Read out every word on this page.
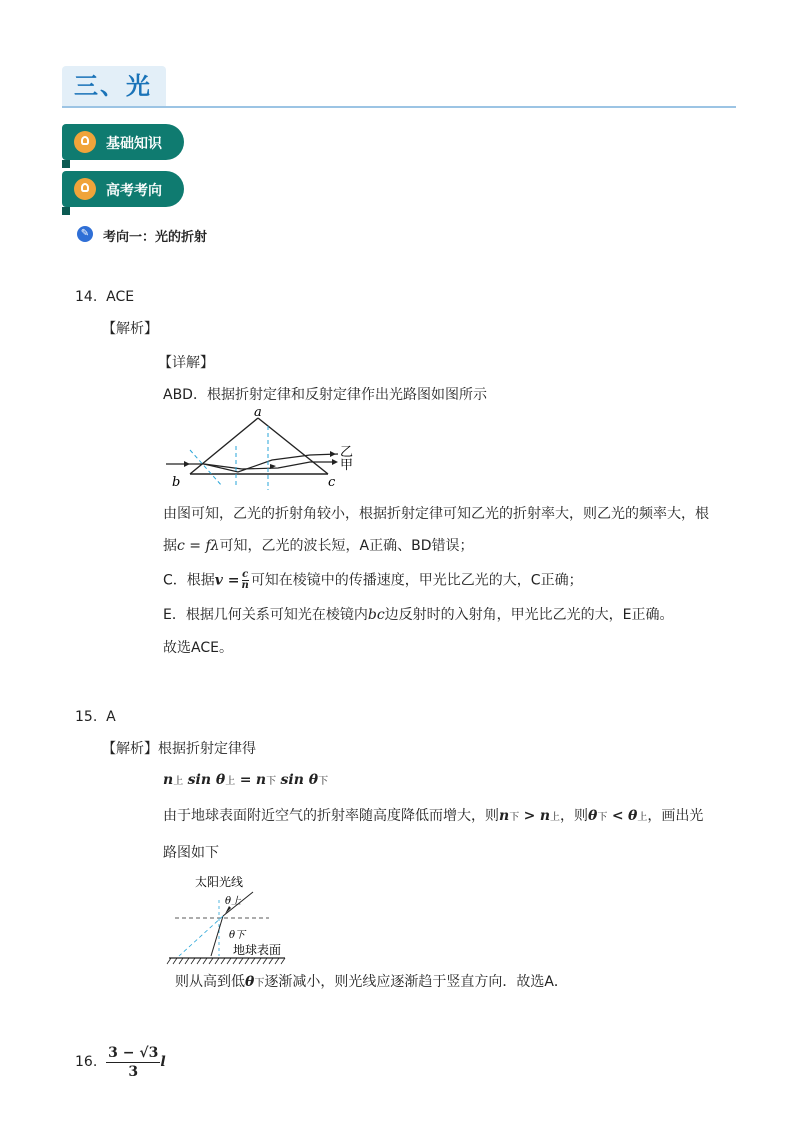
三、光
基础知识
高考考向
✎ 考向一：光的折射
14. ACE
【解析】
【详解】
ABD．根据折射定律和反射定律作出光路图如图所示
a
b	c
乙
甲
由图可知，乙光的折射角较小，根据折射定律可知乙光的折射率大，则乙光的频率大，根
据c = fλ可知，乙光的波长短，A正确、BD错误；
C．根据$v = \frac{c}{n}$ 可知在棱镜中的传播速度，甲光比乙光的大，C正确；
E．根据几何关系可知光在棱镜内bc边反射时的入射角，甲光比乙光的大，E正确。
故选ACE。
15. A
【解析】根据折射定律得
n上 sin θ上 = n下 sin θ下
由于地球表面附近空气的折射率随高度降低而增大，则n下 > n上，则θ下 < θ上，画出光
路图如下
太阳光线
θ上
θ下
地球表面
则从高到低θ下逐渐减小，则光线应逐渐趋于竖直方向．故选A．
16. $\frac{3 - √3}{3}$ l
